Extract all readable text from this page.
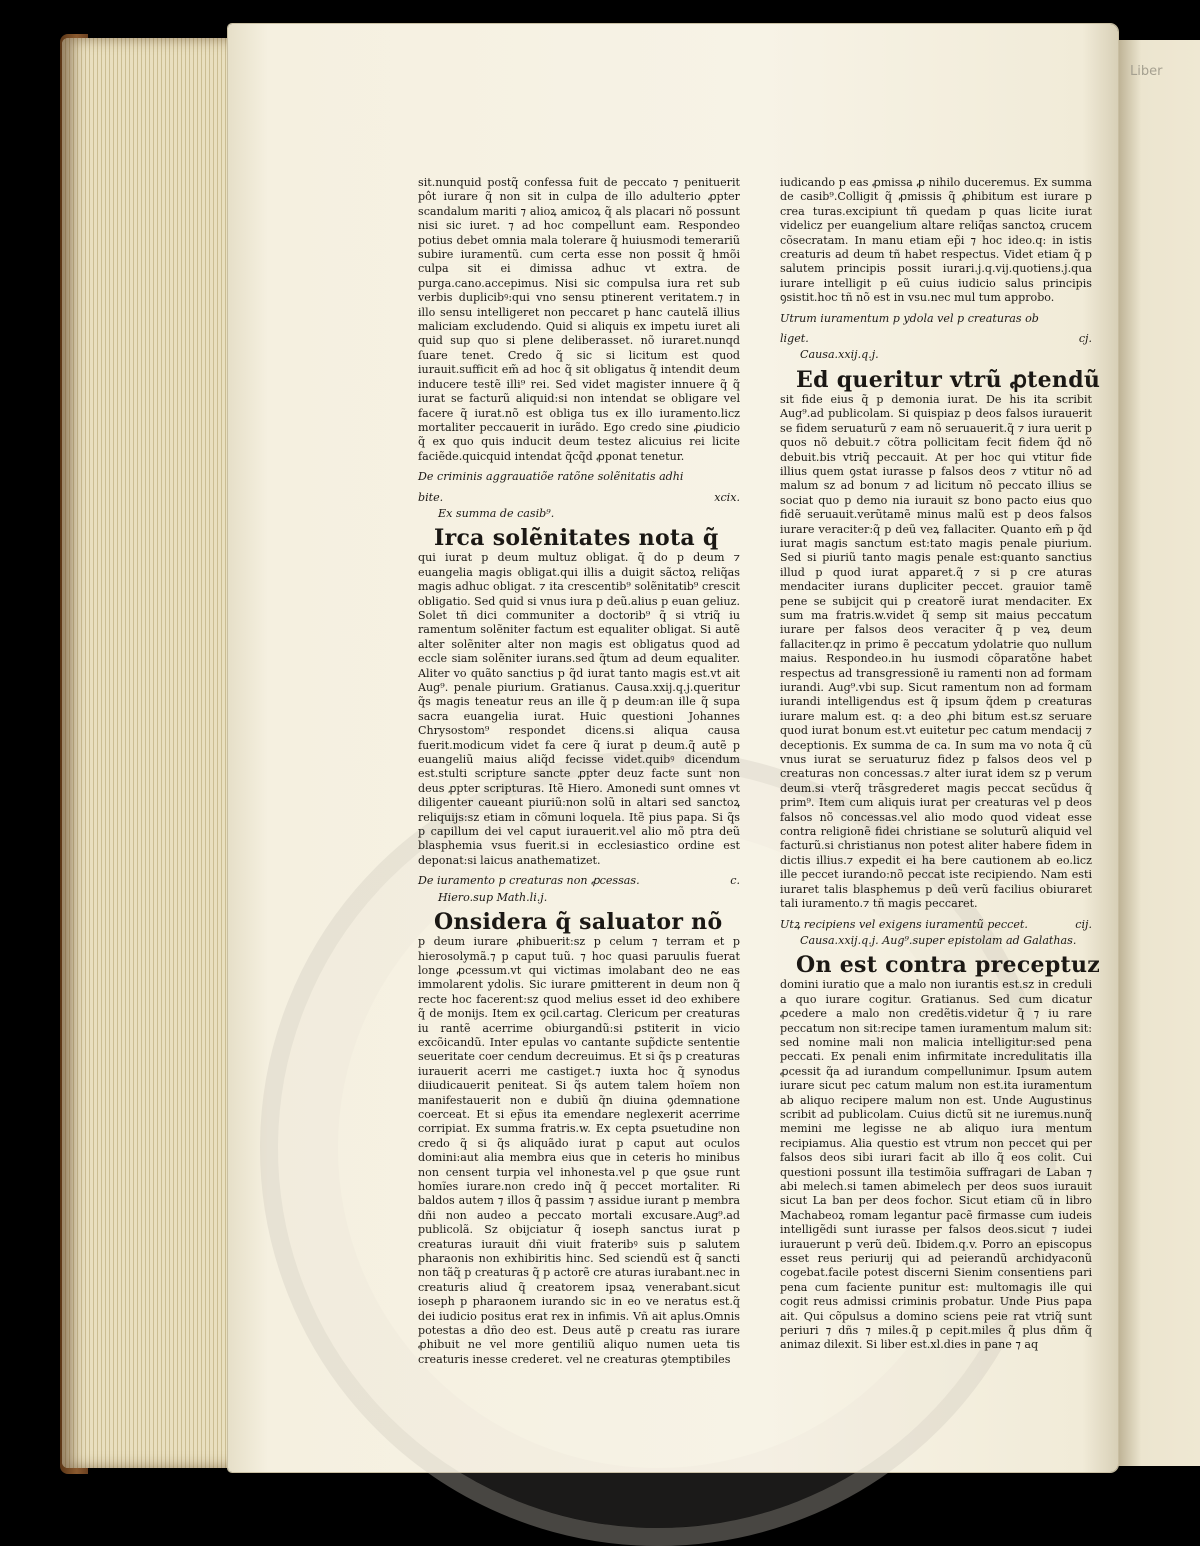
Liber

sit.nunquid postq̃ confessa fuit de peccato ⁊ penituerit pôt iurare q̃ non sit in culpa de illo adulterio ꝓpter scandalum mariti ⁊ alioꝝ amicoꝝ q̃ als placari nõ possunt nisi sic iuret. ⁊ ad hoc compellunt eam. Respondeo potius debet omnia mala tolerare q̃ huiusmodi temerariũ subire iuramentũ. cum certa esse non possit q̃ hmõi culpa sit ei dimissa adhuc vt extra. de purga.cano.accepimus. Nisi sic compulsa iura ret sub verbis duplicibꝰ:qui vno sensu ptinerent veritatem.⁊ in illo sensu intelligeret non peccaret p hanc cautelã illius maliciam excludendo. Quid si aliquis ex impetu iuret ali quid sup quo si plene deliberasset. nõ iuraret.nunqd ſuare tenet. Credo q̃ sic si licitum est quod iurauit.sufficit em̃ ad hoc q̃ sit obligatus q̃ intendit deum inducere testẽ illi⁹ rei. Sed videt magister innuere q̃ q̃ iurat se facturũ aliquid:si non intendat se obligare vel facere q̃ iurat.nõ est obliga tus ex illo iuramento.licz mortaliter peccauerit in iurãdo. Ego credo sine ꝓiudicio q̃ ex quo quis inducit deum testez alicuius rei licite faciẽde.quicquid intendat q̃cq̃d ꝓponat tenetur.

De criminis aggrauatiõe ratõne solẽnitatis adhi
bite.	xcix.
Ex summa de casib⁹.
Irca solẽnitates nota q̃

qui iurat p deum multuz obligat. q̃ do p deum ⁊ euangelia magis obligat.qui illis a duigit sãctoꝝ reliq̃as magis adhuc obligat. ⁊ ita crescentib⁹ solẽnitatib⁹ crescit obligatio. Sed quid si vnus iura p deũ.alius p euan geliuz. Solet tñ dici communiter a doctorib⁹ q̃ si vtriq̃ iu ramentum solẽniter factum est equaliter obligat. Si autẽ alter solẽniter alter non magis est obligatus quod ad eccle siam solẽniter iurans.sed q̃tum ad deum equaliter. Aliter vo quãto sanctius p q̃d iurat tanto magis est.vt ait Aug⁹. penale piurium. Gratianus. Causa.xxij.q.j.queritur q̃s magis teneatur reus an ille q̃ p deum:an ille q̃ supa sacra euangelia iurat. Huic questioni Johannes Chrysostom⁹ respondet dicens.si aliqua causa fuerit.modicum videt fa cere q̃ iurat p deum.q̃ autẽ p euangeliũ maius aliq̃d fecisse videt.quibꝰ dicendum est.stulti scripture sancte ꝓpter deuz facte sunt non deus ꝓpter scripturas. Itẽ Hiero. Amonedi sunt omnes vt diligenter caueant piuriũ:non solũ in altari sed sanctoꝝ reliquijs:sz etiam in cõmuni loquela. Itẽ pius papa. Si q̃s p capillum dei vel caput iurauerit.vel alio mõ ptra deũ blasphemia vsus fuerit.si in ecclesiastico ordine est deponat:si laicus anathematizet.

De iuramento p creaturas non ꝓcessas.	c.
Hiero.sup Math.li.j.
Onsidera q̃ saluator nõ

p deum iurare ꝓhibuerit:sz p celum ⁊ terram et p hierosolymã.⁊ p caput tuũ. ⁊ hoc quasi paruulis fuerat longe ꝓcessum.vt qui victimas imolabant deo ne eas immolarent ydolis. Sic iurare ꝑmitterent in deum non q̃ recte hoc facerent:sz quod melius esset id deo exhibere q̃ de monijs. Item ex ꝯcil.cartag. Clericum per creaturas iu rantẽ acerrime obiurgandũ:si ꝑstiterit in vicio excõicandũ. Inter epulas vo cantante sup̃dicte sententie seueritate coer cendum decreuimus. Et si q̃s p creaturas iurauerit acerri me castiget.⁊ iuxta hoc q̃ synodus diiudicauerit peniteat. Si q̃s autem talem hoĩem non manifestauerit non e dubiũ q̃n diuina ꝯdemnatione coerceat. Et si ep̃us ita emendare neglexerit acerrime corripiat. Ex summa fratris.w. Ex cepta ꝑsuetudine non credo q̃ si q̃s aliquãdo iurat p caput aut oculos domini:aut alia membra eius que in ceteris ho minibus non censent turpia vel inhonesta.vel p que ꝯsue runt homĩes iurare.non credo inq̃ q̃ peccet mortaliter. Ri baldos autem ⁊ illos q̃ passim ⁊ assidue iurant p membra dñi non audeo a peccato mortali excusare.Aug⁹.ad publicolã. Sz obijciatur q̃ ioseph sanctus iurat p creaturas iurauit dñi viuit frateribꝰ suis p salutem pharaonis non exhibiritis hinc. Sed sciendũ est q̃ sancti non tãq̃ p creaturas q̃ p actorẽ cre aturas iurabant.nec in creaturis aliud q̃ creatorem ipsaꝝ venerabant.sicut ioseph p pharaonem iurando sic in eo ve neratus est.q̃ dei iudicio positus erat rex in infimis. Vñ ait aplus.Omnis potestas a dño deo est. Deus autẽ p creatu ras iurare ꝓhibuit ne vel more gentiliũ aliquo numen ueta tis creaturis inesse crederet. vel ne creaturas ꝯtemptibiles

iudicando p eas ꝓmissa ꝓ nihilo duceremus. Ex summa de casib⁹.Colligit q̃ ꝓmissis q̃ ꝓhibitum est iurare p crea turas.excipiunt tñ quedam p quas licite iurat videlicz per euangelium altare reliq̃as sanctoꝝ crucem cõsecratam. In manu etiam ep̃i ⁊ hoc ideo.q: in istis creaturis ad deum tñ habet respectus. Videt etiam q̃ p salutem principis possit iurari.j.q.vij.quotiens.j.qua iurare intelligit p eũ cuius iudicio salus principis ꝯsistit.hoc tñ nõ est in vsu.nec mul tum approbo.

Utrum iuramentum p ydola vel p creaturas ob
liget.	cj.
Causa.xxij.q.j.
Ed queritur vtrũ ꝓtendũ

sit fide eius q̃ p demonia iurat. De his ita scribit Aug⁹.ad publicolam. Si quispiaz p deos falsos iurauerit se fidem seruaturũ ⁊ eam nõ seruauerit.q̃ ⁊ iura uerit p quos nõ debuit.⁊ cõtra pollicitam fecit fidem q̃d nõ debuit.bis vtriq̃ peccauit. At per hoc qui vtitur fide illius quem ꝯstat iurasse p falsos deos ⁊ vtitur nõ ad malum sz ad bonum ⁊ ad licitum nõ peccato illius se sociat quo p demo nia iurauit sz bono pacto eius quo fidẽ seruauit.verũtamẽ minus malũ est p deos falsos iurare veraciter:q̃ p deũ veꝝ fallaciter. Quanto em̃ p q̃d iurat magis sanctum est:tato magis penale piurium. Sed si piuriũ tanto magis penale est:quanto sanctius illud p quod iurat apparet.q̃ ⁊ si p cre aturas mendaciter iurans dupliciter peccet. grauior tamẽ pene se subijcit qui p creatorẽ iurat mendaciter. Ex sum ma fratris.w.videt q̃ semp sit maius peccatum iurare per falsos deos veraciter q̃ p veꝝ deum fallaciter.qz in primo ẽ peccatum ydolatrie quo nullum maius. Respondeo.in hu iusmodi cõparatõne habet respectus ad transgressionẽ iu ramenti non ad formam iurandi. Aug⁹.vbi sup. Sicut ramentum non ad formam iurandi intelligendus est q̃ ipsum q̃dem p creaturas iurare malum est. q: a deo ꝓhi bitum est.sz seruare quod iurat bonum est.vt euitetur pec catum mendacij ⁊ deceptionis. Ex summa de ca. In sum ma vo nota q̃ cũ vnus iurat se seruaturuz fidez p falsos deos vel p creaturas non concessas.⁊ alter iurat idem sz p verum deum.si vterq̃ trãsgrederet magis peccat secũdus q̃ prim⁹. Item cum aliquis iurat per creaturas vel p deos falsos nõ concessas.vel alio modo quod videat esse contra religionẽ fidei christiane se soluturũ aliquid vel facturũ.si christianus non potest aliter habere fidem in dictis illius.⁊ expedit ei ha bere cautionem ab eo.licz ille peccet iurando:nõ peccat iste recipiendo. Nam esti iuraret talis blasphemus p deũ verũ facilius obiuraret tali iuramento.⁊ tñ magis peccaret.

Utꝝ recipiens vel exigens iuramentũ peccet.	cij.
Causa.xxij.q.j. Aug⁹.super epistolam ad Galathas.
On est contra preceptuz

domini iuratio que a malo non iurantis est.sz in creduli a quo iurare cogitur. Gratianus. Sed cum dicatur ꝓcedere a malo non credẽtis.videtur q̃ ⁊ iu rare peccatum non sit:recipe tamen iuramentum malum sit: sed nomine mali non malicia intelligitur:sed pena peccati. Ex penali enim infirmitate incredulitatis illa ꝓcessit q̃a ad iurandum compellunimur. Ipsum autem iurare sicut pec catum malum non est.ita iuramentum ab aliquo recipere malum non est. Unde Augustinus scribit ad publicolam. Cuius dictũ sit ne iuremus.nunq̃ memini me legisse ne ab aliquo iura mentum recipiamus. Alia questio est vtrum non peccet qui per falsos deos sibi iurari facit ab illo q̃ eos colit. Cui questioni possunt illa testimõia suffragari de Laban ⁊ abi melech.si tamen abimelech per deos suos iurauit sicut La ban per deos fochor. Sicut etiam cũ in libro Machabeoꝝ romam legantur pacẽ firmasse cum iudeis intelligẽdi sunt iurasse per falsos deos.sicut ⁊ iudei iurauerunt p verũ deũ. Ibidem.q.v. Porro an episcopus esset reus periurij qui ad peierandũ archidyaconũ cogebat.facile potest discerni Sienim consentiens pari pena cum faciente punitur est: multomagis ille qui cogit reus admissi criminis probatur. Unde Pius papa ait. Qui cõpulsus a domino sciens peie rat vtriq̃ sunt periuri ⁊ dñs ⁊ miles.q̃ p cepit.miles q̃ plus dñm q̃ animaz dilexit. Si liber est.xl.dies in pane ⁊ aq
